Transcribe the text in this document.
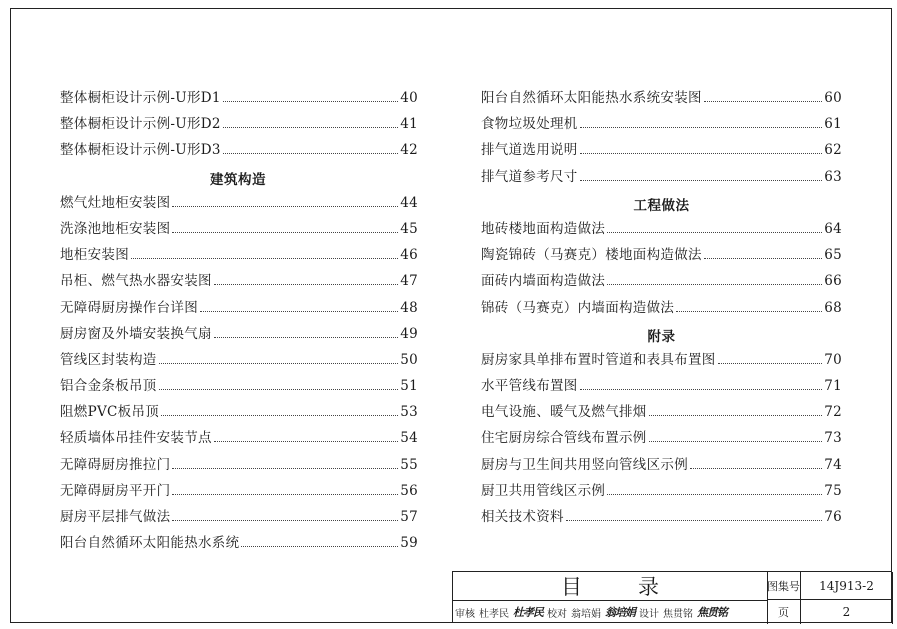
整体橱柜设计示例-U形D1	40
整体橱柜设计示例-U形D2	41
整体橱柜设计示例-U形D3	42
建筑构造
燃气灶地柜安装图	44
洗涤池地柜安装图	45
地柜安装图	46
吊柜、燃气热水器安装图	47
无障碍厨房操作台详图	48
厨房窗及外墙安装换气扇	49
管线区封装构造	50
铝合金条板吊顶	51
阻燃PVC板吊顶	53
轻质墙体吊挂件安装节点	54
无障碍厨房推拉门	55
无障碍厨房平开门	56
厨房平层排气做法	57
阳台自然循环太阳能热水系统	59
阳台自然循环太阳能热水系统安装图	60
食物垃圾处理机	61
排气道选用说明	62
排气道参考尺寸	63
工程做法
地砖楼地面构造做法	64
陶瓷锦砖（马赛克）楼地面构造做法	65
面砖内墙面构造做法	66
锦砖（马赛克）内墙面构造做法	68
附录
厨房家具单排布置时管道和表具布置图	70
水平管线布置图	71
电气设施、暖气及燃气排烟	72
住宅厨房综合管线布置示例	73
厨房与卫生间共用竖向管线区示例	74
厨卫共用管线区示例	75
相关技术资料	76
目	录	图集号	14J913-2
页	2
审核 杜孝民 杜孝民 校对 翁培娟 翁培娟 设计 焦贯铭 焦贯铭
